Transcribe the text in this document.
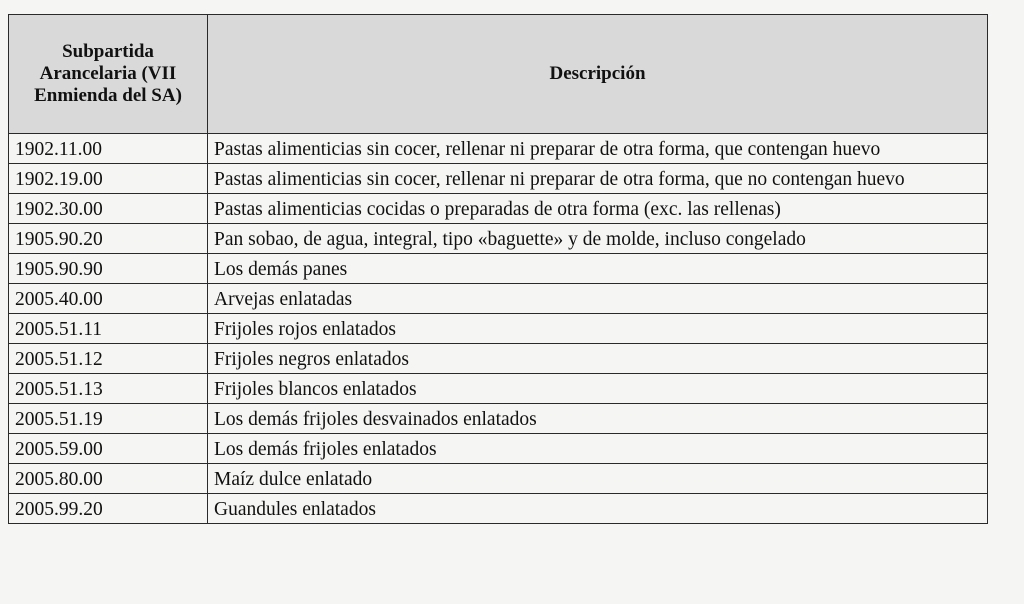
Subpartida Arancelaria (VII Enmienda del SA)	Descripción
1902.11.00	Pastas alimenticias sin cocer, rellenar ni preparar de otra forma, que contengan huevo
1902.19.00	Pastas alimenticias sin cocer, rellenar ni preparar de otra forma, que no contengan huevo
1902.30.00	Pastas alimenticias cocidas o preparadas de otra forma (exc. las rellenas)
1905.90.20	Pan sobao, de agua, integral, tipo «baguette» y de molde, incluso congelado
1905.90.90	Los demás panes
2005.40.00	Arvejas enlatadas
2005.51.11	Frijoles rojos enlatados
2005.51.12	Frijoles negros enlatados
2005.51.13	Frijoles blancos enlatados
2005.51.19	Los demás frijoles desvainados enlatados
2005.59.00	Los demás frijoles enlatados
2005.80.00	Maíz dulce enlatado
2005.99.20	Guandules enlatados
